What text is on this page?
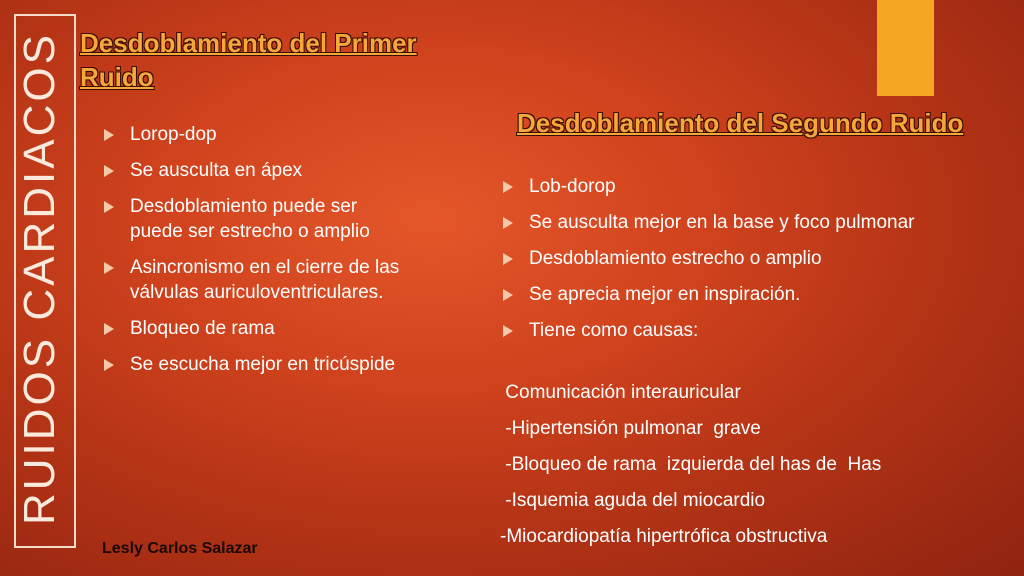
RUIDOS CARDIACOS Desdoblamiento del Primer Ruido
Lorop-dop
Se ausculta en ápex
Desdoblamiento puede ser puede ser estrecho o amplio
Asincronismo en el cierre de las válvulas auriculoventriculares.
Bloqueo de rama
Se escucha mejor en tricúspide
Desdoblamiento del Segundo Ruido
Lob-dorop
Se ausculta mejor en la base y foco pulmonar
Desdoblamiento estrecho o amplio
Se aprecia mejor en inspiración.
Tiene como causas:
Comunicación interauricular
-Hipertensión pulmonar  grave
-Bloqueo de rama  izquierda del has de  Has
-Isquemia aguda del miocardio
-Miocardiopatía hipertrófica obstructiva
Lesly Carlos Salazar
